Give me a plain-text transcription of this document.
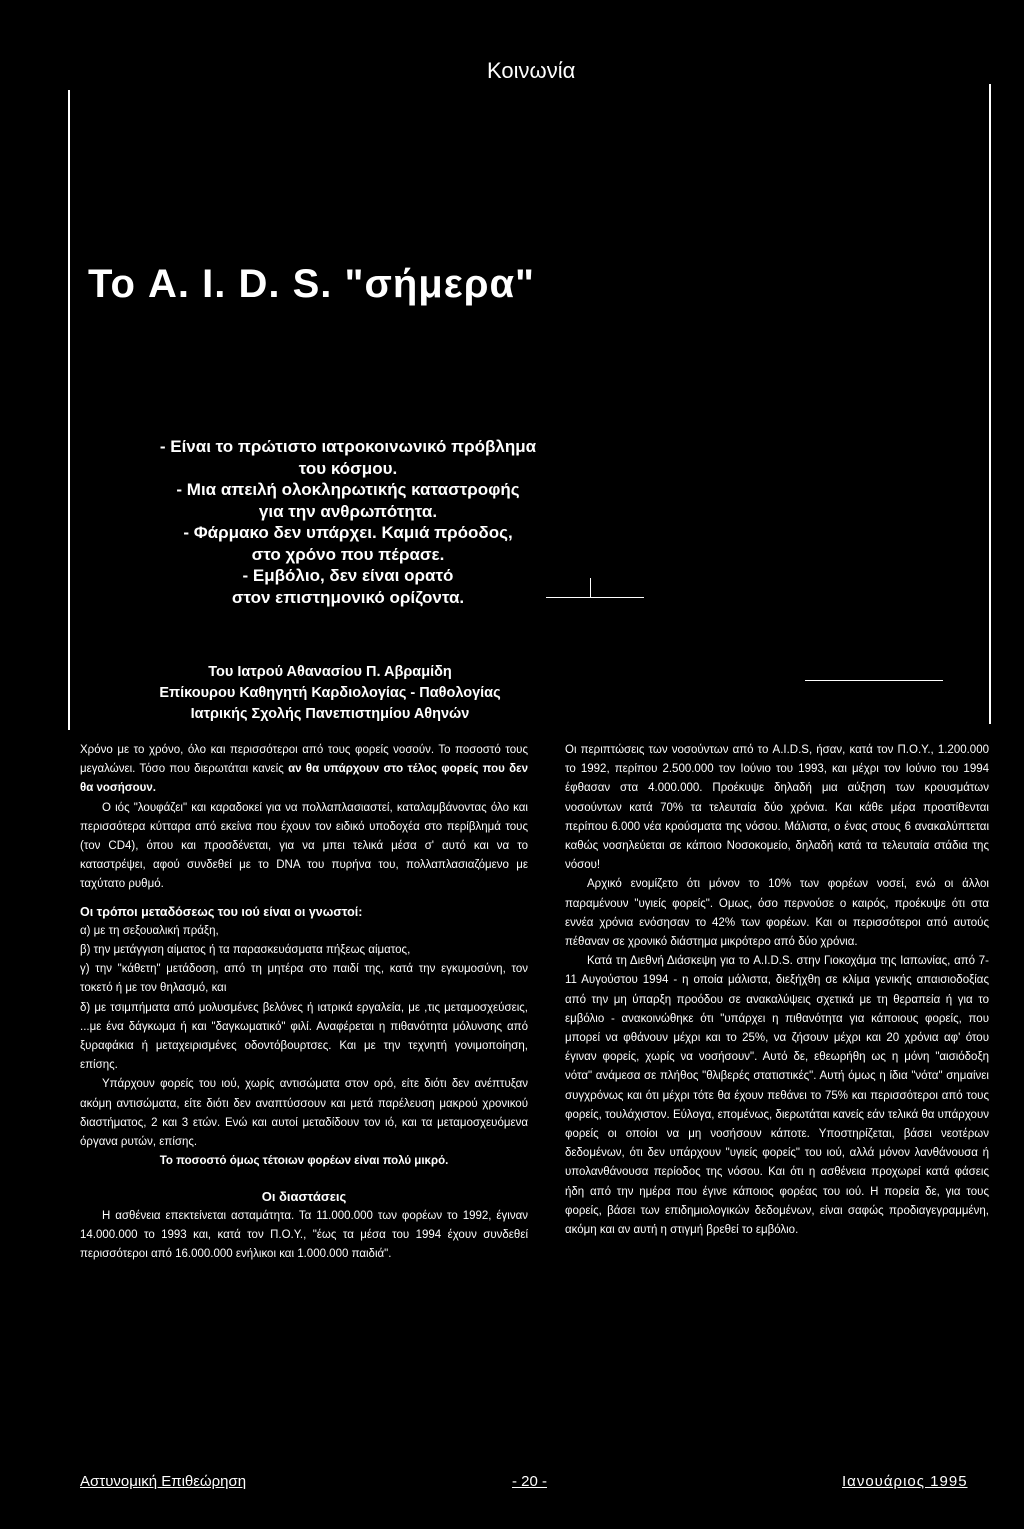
Κοινωνία
Το A. I. D. S. "σήμερα"
- Είναι το πρώτιστο ιατροκοινωνικό πρόβλημα
του κόσμου.
- Μια απειλή ολοκληρωτικής καταστροφής
για την ανθρωπότητα.
- Φάρμακο δεν υπάρχει. Καμιά πρόοδος,
στο χρόνο που πέρασε.
- Εμβόλιο, δεν είναι ορατό
στον επιστημονικό ορίζοντα.
Του Ιατρού Αθανασίου Π. Αβραμίδη
Επίκουρου Καθηγητή Καρδιολογίας - Παθολογίας
Ιατρικής Σχολής Πανεπιστημίου Αθηνών

Χρόνο με το χρόνο, όλο και περισσότεροι από τους φορείς νοσούν. Το ποσοστό τους μεγαλώνει. Τόσο που διερωτάται κανείς αν θα υπάρχουν στο τέλος φορείς που δεν θα νοσήσουν.

Ο ιός "λουφάζει" και καραδοκεί για να πολλαπλασιαστεί, καταλαμβάνοντας όλο και περισσότερα κύτταρα από εκείνα που έχουν τον ειδικό υποδοχέα στο περίβλημά τους (τον CD4), όπου και προσδένεται, για να μπει τελικά μέσα σ' αυτό και να το καταστρέψει, αφού συνδεθεί με το DNA του πυρήνα του, πολλαπλασιαζόμενο με ταχύτατο ρυθμό.

Οι τρόποι μεταδόσεως του ιού είναι οι γνωστοί:

α) με τη σεξουαλική πράξη,

β) την μετάγγιση αίματος ή τα παρασκευάσματα πήξεως αίματος,

γ) την "κάθετη" μετάδοση, από τη μητέρα στο παιδί της, κατά την εγκυμοσύνη, τον τοκετό ή με τον θηλασμό, και

δ) με τσιμπήματα από μολυσμένες βελόνες ή ιατρικά εργαλεία, με ,τις μεταμοσχεύσεις, ...με ένα δάγκωμα ή και "δαγκωματικό" φιλί. Αναφέρεται η πιθανότητα μόλυνσης από ξυραφάκια ή μεταχειρισμένες οδοντόβουρτσες. Και με την τεχνητή γονιμοποίηση, επίσης.

Υπάρχουν φορείς του ιού, χωρίς αντισώματα στον ορό, είτε διότι δεν ανέπτυξαν ακόμη αντισώματα, είτε διότι δεν αναπτύσσουν και μετά παρέλευση μακρού χρονικού διαστήματος, 2 και 3 ετών. Ενώ και αυτοί μεταδίδουν τον ιό, και τα μεταμοσχευόμενα όργανα ρυτών, επίσης.

Το ποσοστό όμως τέτοιων φορέων είναι πολύ μικρό.

Οι διαστάσεις

Η ασθένεια επεκτείνεται ασταμάτητα. Τα 11.000.000 των φορέων το 1992, έγιναν 14.000.000 το 1993 και, κατά τον Π.Ο.Υ., "έως τα μέσα του 1994 έχουν συνδεθεί περισσότεροι από 16.000.000 ενήλικοι και 1.000.000 παιδιά".

Οι περιπτώσεις των νοσούντων από το A.I.D.S, ήσαν, κατά τον Π.Ο.Υ., 1.200.000 το 1992, περίπου 2.500.000 τον Ιούνιο του 1993, και μέχρι τον Ιούνιο του 1994 έφθασαν στα 4.000.000. Προέκυψε δηλαδή μια αύξηση των κρουσμάτων νοσούντων κατά 70% τα τελευταία δύο χρόνια. Και κάθε μέρα προστίθενται περίπου 6.000 νέα κρούσματα της νόσου. Μάλιστα, ο ένας στους 6 ανακαλύπτεται καθώς νοσηλεύεται σε κάποιο Νοσοκομείο, δηλαδή κατά τα τελευταία στάδια της νόσου!

Αρχικό ενομίζετο ότι μόνον το 10% των φορέων νοσεί, ενώ οι άλλοι παραμένουν "υγιείς φορείς". Ομως, όσο περνούσε ο καιρός, προέκυψε ότι στα εννέα χρόνια ενόσησαν το 42% των φορέων. Και οι περισσότεροι από αυτούς πέθαναν σε χρονικό διάστημα μικρότερο από δύο χρόνια.

Κατά τη Διεθνή Διάσκεψη για το A.I.D.S. στην Γιοκοχάμα της Ιαπωνίας, από 7-11 Αυγούστου 1994 - η οποία μάλιστα, διεξήχθη σε κλίμα γενικής απαισιοδοξίας από την μη ύπαρξη προόδου σε ανακαλύψεις σχετικά με τη θεραπεία ή για το εμβόλιο - ανακοινώθηκε ότι "υπάρχει η πιθανότητα για κάποιους φορείς, που μπορεί να φθάνουν μέχρι και το 25%, να ζήσουν μέχρι και 20 χρόνια αφ' ότου έγιναν φορείς, χωρίς να νοσήσουν". Αυτό δε, εθεωρήθη ως η μόνη "αισιόδοξη νότα" ανάμεσα σε πλήθος "θλιβερές στατιστικές". Αυτή όμως η ίδια "νότα" σημαίνει συγχρόνως και ότι μέχρι τότε θα έχουν πεθάνει το 75% και περισσότεροι από τους φορείς, τουλάχιστον. Εύλογα, επομένως, διερωτάται κανείς εάν τελικά θα υπάρχουν φορείς οι οποίοι να μη νοσήσουν κάποτε. Υποστηρίζεται, βάσει νεοτέρων δεδομένων, ότι δεν υπάρχουν "υγιείς φορείς" του ιού, αλλά μόνον λανθάνουσα ή υπολανθάνουσα περίοδος της νόσου. Και ότι η ασθένεια προχωρεί κατά φάσεις ήδη από την ημέρα που έγινε κάποιος φορέας του ιού. Η πορεία δε, για τους φορείς, βάσει των επιδημιολογικών δεδομένων, είναι σαφώς προδιαγεγραμμένη, ακόμη και αν αυτή η στιγμή βρεθεί το εμβόλιο.

Αστυνομική Επιθεώρηση	- 20 -	Ιανουάριος 1995
